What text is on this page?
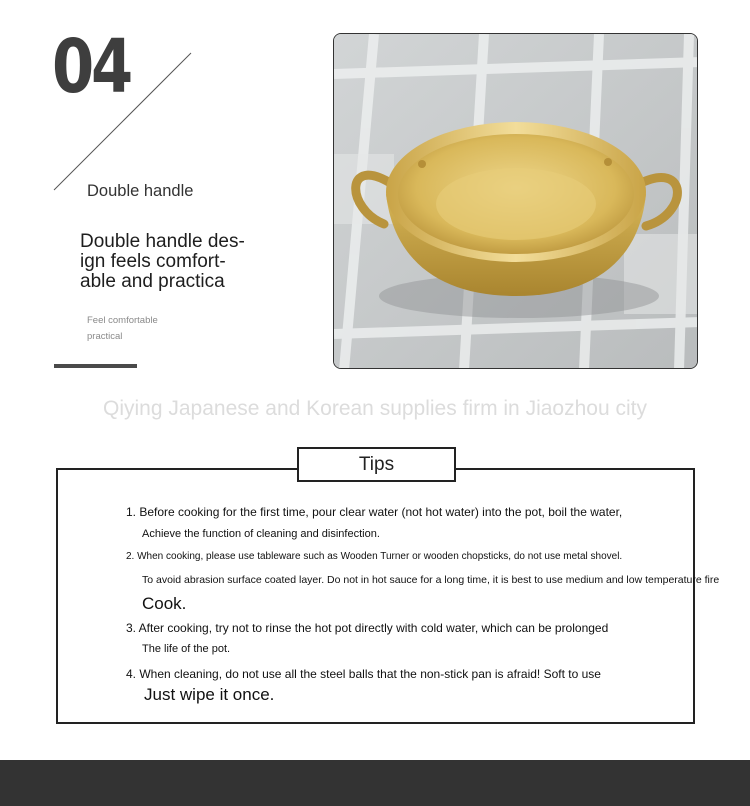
04
Double handle
Double handle des-
ign feels comfort-
able and practica
Feel comfortable practical
Qiying Japanese and Korean supplies firm in Jiaozhou city
1. Before cooking for the first time, pour clear water (not hot water) into the pot, boil the water,
Achieve the function of cleaning and disinfection.
2. When cooking, please use tableware such as Wooden Turner or wooden chopsticks, do not use metal shovel.
To avoid abrasion surface coated layer. Do not in hot sauce for a long time, it is best to use medium and low temperature fire
Cook.
3. After cooking, try not to rinse the hot pot directly with cold water, which can be prolonged
The life of the pot.
4. When cleaning, do not use all the steel balls that the non-stick pan is afraid! Soft to use
Just wipe it once.
Tips
